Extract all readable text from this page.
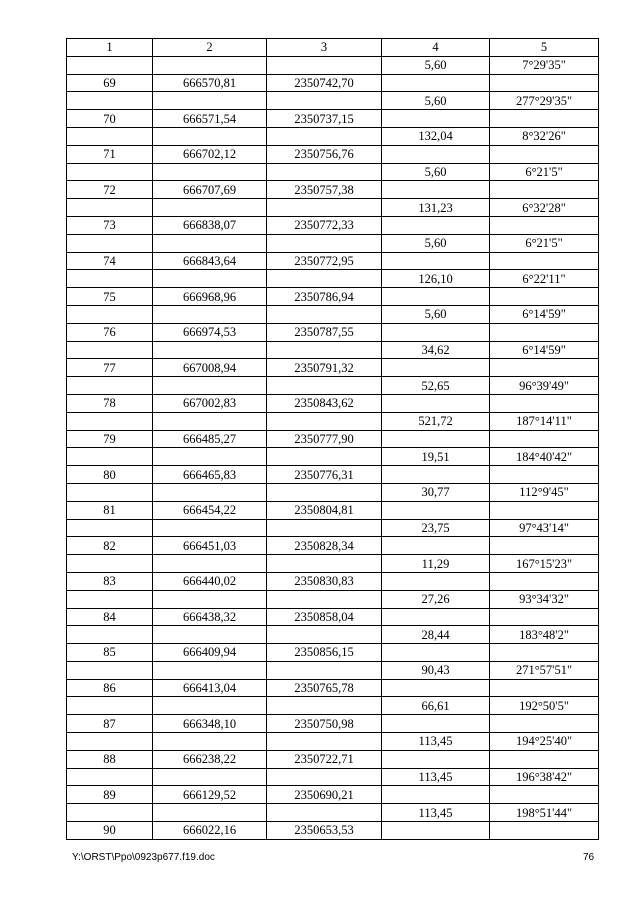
1	2	3	4	5
			5,60	7°29'35"
69	666570,81	2350742,70		
			5,60	277°29'35"
70	666571,54	2350737,15		
			132,04	8°32'26"
71	666702,12	2350756,76		
			5,60	6°21'5"
72	666707,69	2350757,38		
			131,23	6°32'28"
73	666838,07	2350772,33		
			5,60	6°21'5"
74	666843,64	2350772,95		
			126,10	6°22'11"
75	666968,96	2350786,94		
			5,60	6°14'59"
76	666974,53	2350787,55		
			34,62	6°14'59"
77	667008,94	2350791,32		
			52,65	96°39'49"
78	667002,83	2350843,62		
			521,72	187°14'11"
79	666485,27	2350777,90		
			19,51	184°40'42"
80	666465,83	2350776,31		
			30,77	112°9'45"
81	666454,22	2350804,81		
			23,75	97°43'14"
82	666451,03	2350828,34		
			11,29	167°15'23"
83	666440,02	2350830,83		
			27,26	93°34'32"
84	666438,32	2350858,04		
			28,44	183°48'2"
85	666409,94	2350856,15		
			90,43	271°57'51"
86	666413,04	2350765,78		
			66,61	192°50'5"
87	666348,10	2350750,98		
			113,45	194°25'40"
88	666238,22	2350722,71		
			113,45	196°38'42"
89	666129,52	2350690,21		
			113,45	198°51'44"
90	666022,16	2350653,53		
Y:\ORST\Ppo\0923p677.f19.doc	76
